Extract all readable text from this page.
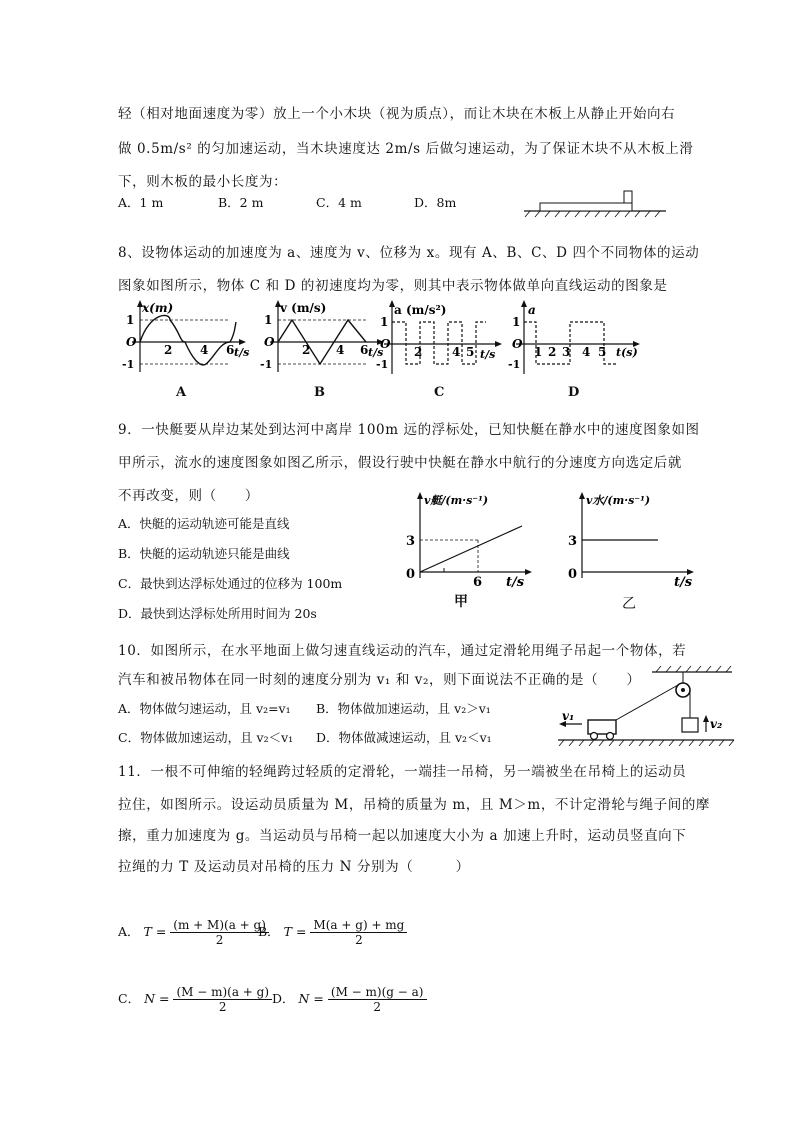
轻（相对地面速度为零）放上一个小木块（视为质点），而让木块在木板上从静止开始向右
做 0.5m/s² 的匀加速运动，当木块速度达 2m/s 后做匀速运动，为了保证木块不从木板上滑
下，则木板的最小长度为：
A．1 m	B．2 m	C．4 m	D．8m
8、设物体运动的加速度为 a、速度为 v、位移为 x。现有 A、B、C、D 四个不同物体的运动
图象如图所示，物体 C 和 D 的初速度均为零，则其中表示物体做单向直线运动的图象是
x(m)
1
O
-1
2 4 6 t/s
A
v (m/s)
1
O
-1
2 4 6 t/s
B
a (m/s²)
1
O
-1
2 4 5 t/s
C
a
1
O
-1
1 2 3 4 5 t(s)
D
9．一快艇要从岸边某处到达河中离岸 100m 远的浮标处，已知快艇在静水中的速度图象如图
甲所示，流水的速度图象如图乙所示，假设行驶中快艇在静水中航行的分速度方向选定后就
不再改变，则（　　）
A．快艇的运动轨迹可能是直线
B．快艇的运动轨迹只能是曲线
C．最快到达浮标处通过的位移为 100m
D．最快到达浮标处所用时间为 20s
v艇/(m·s⁻¹)
3
0
6 t/s
甲
v水/(m·s⁻¹)
3
0
t/s
乙
10．如图所示，在水平地面上做匀速直线运动的汽车，通过定滑轮用绳子吊起一个物体，若
汽车和被吊物体在同一时刻的速度分别为 v₁ 和 v₂，则下面说法不正确的是（　　）
A．物体做匀速运动，且 v₂=v₁ B．物体做加速运动，且 v₂＞v₁
C．物体做加速运动，且 v₂＜v₁ D．物体做减速运动，且 v₂＜v₁
v₁
v₂
11．一根不可伸缩的轻绳跨过轻质的定滑轮，一端挂一吊椅，另一端被坐在吊椅上的运动员
拉住，如图所示。设运动员质量为 M，吊椅的质量为 m，且 M＞m，不计定滑轮与绳子间的摩
擦，重力加速度为 g。当运动员与吊椅一起以加速度大小为 a 加速上升时，运动员竖直向下
拉绳的力 T 及运动员对吊椅的压力 N 分别为（　　　）
A． $T = \frac{(m + M)(a + g)}{2}$
B． $T = \frac{M(a + g) + mg}{2}$
C． $N = \frac{(M - m)(a + g)}{2}$ D． $N = \frac{(M - m)(g - a)}{2}$
